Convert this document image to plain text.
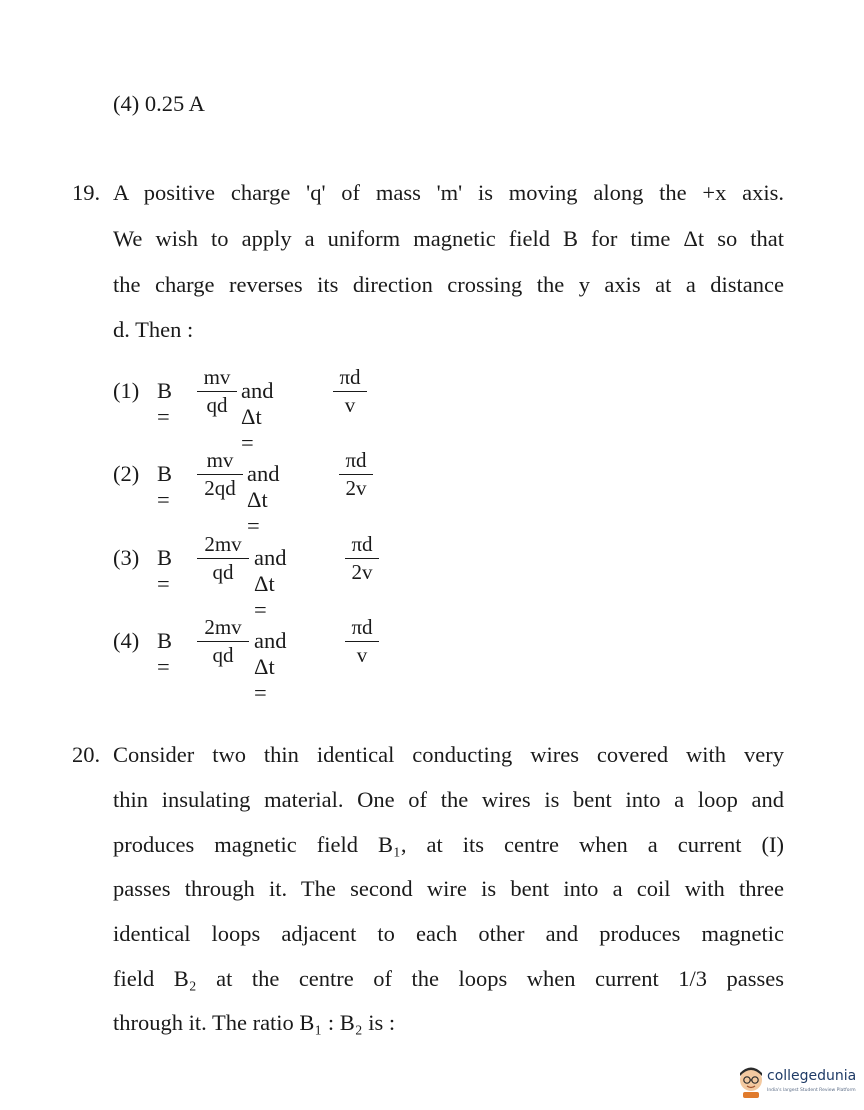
(4) 0.25 A
19. A positive charge 'q' of mass 'm' is moving along the +x axis.
We wish to apply a uniform magnetic field B for time Δt so that
the charge reverses its direction crossing the y axis at a distance
d. Then :
(1) $B = \frac{mv}{qd}$ and Δt =
$\frac{\pi d}{v}$
(2) $B = \frac{mv}{2qd}$ and Δt =
$\frac{\pi d}{2v}$
(3) $B = \frac{2mv}{qd}$ and Δt =
$\frac{\pi d}{2v}$
(4) $B = \frac{2mv}{qd}$ and Δt =
$\frac{\pi d}{v}$
20. Consider two thin identical conducting wires covered with very
thin insulating material. One of the wires is bent into a loop and
produces magnetic field B₁, at its centre when a current (I)
passes through it. The second wire is bent into a coil with three
identical loops adjacent to each other and produces magnetic
field B₂ at the centre of the loops when current 1/3 passes
through it. The ratio B₁ : B₂ is :
collegedunia
India's largest Student Review Platform
